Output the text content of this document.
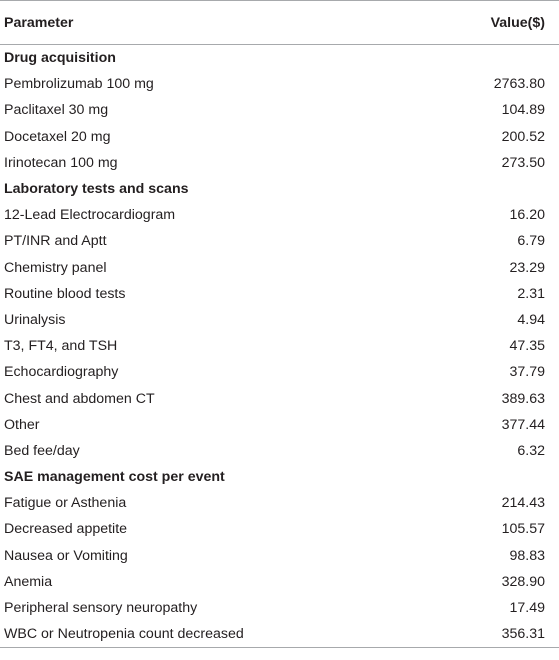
Parameter	Value($)
Drug acquisition
Pembrolizumab 100 mg	2763.80
Paclitaxel 30 mg	104.89
Docetaxel 20 mg	200.52
Irinotecan 100 mg	273.50
Laboratory tests and scans
12-Lead Electrocardiogram	16.20
PT/INR and Aptt	6.79
Chemistry panel	23.29
Routine blood tests	2.31
Urinalysis	4.94
T3, FT4, and TSH	47.35
Echocardiography	37.79
Chest and abdomen CT	389.63
Other	377.44
Bed fee/day	6.32
SAE management cost per event
Fatigue or Asthenia	214.43
Decreased appetite	105.57
Nausea or Vomiting	98.83
Anemia	328.90
Peripheral sensory neuropathy	17.49
WBC or Neutropenia count decreased	356.31
